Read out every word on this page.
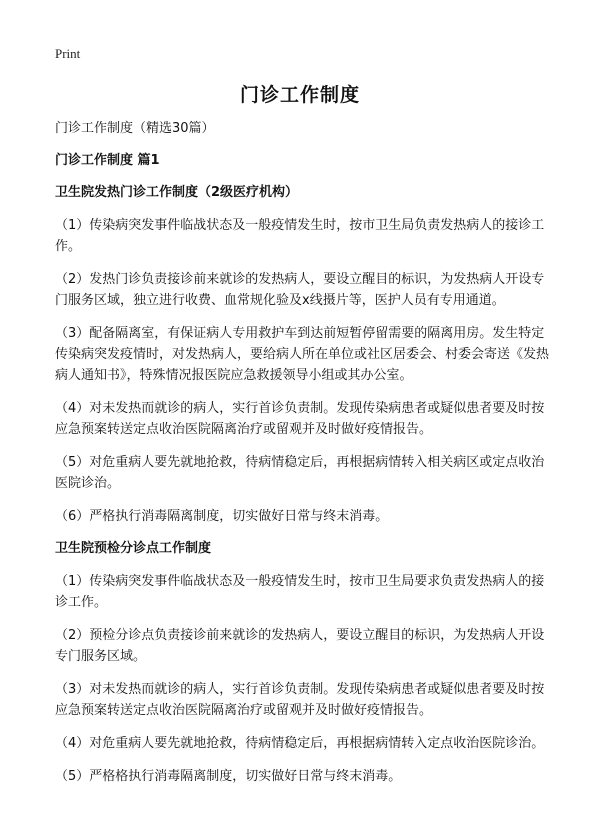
Print
门诊工作制度

门诊工作制度（精选30篇）

门诊工作制度 篇1

卫生院发热门诊工作制度（2级医疗机构）

（1）传染病突发事件临战状态及一般疫情发生时，按市卫生局负责发热病人的接诊工作。

（2）发热门诊负责接诊前来就诊的发热病人，要设立醒目的标识，为发热病人开设专门服务区域，独立进行收费、血常规化验及x线摄片等，医护人员有专用通道。

（3）配备隔离室，有保证病人专用救护车到达前短暂停留需要的隔离用房。发生特定传染病突发疫情时，对发热病人，要给病人所在单位或社区居委会、村委会寄送《发热病人通知书》，特殊情况报医院应急救援领导小组或其办公室。

（4）对未发热而就诊的病人，实行首诊负责制。发现传染病患者或疑似患者要及时按应急预案转送定点收治医院隔离治疗或留观并及时做好疫情报告。

（5）对危重病人要先就地抢救，待病情稳定后，再根据病情转入相关病区或定点收治医院诊治。

（6）严格执行消毒隔离制度，切实做好日常与终末消毒。

卫生院预检分诊点工作制度

（1）传染病突发事件临战状态及一般疫情发生时，按市卫生局要求负责发热病人的接诊工作。

（2）预检分诊点负责接诊前来就诊的发热病人，要设立醒目的标识，为发热病人开设专门服务区域。

（3）对未发热而就诊的病人，实行首诊负责制。发现传染病患者或疑似患者要及时按应急预案转送定点收治医院隔离治疗或留观并及时做好疫情报告。

（4）对危重病人要先就地抢救，待病情稳定后，再根据病情转入定点收治医院诊治。

（5）严格格执行消毒隔离制度，切实做好日常与终末消毒。
